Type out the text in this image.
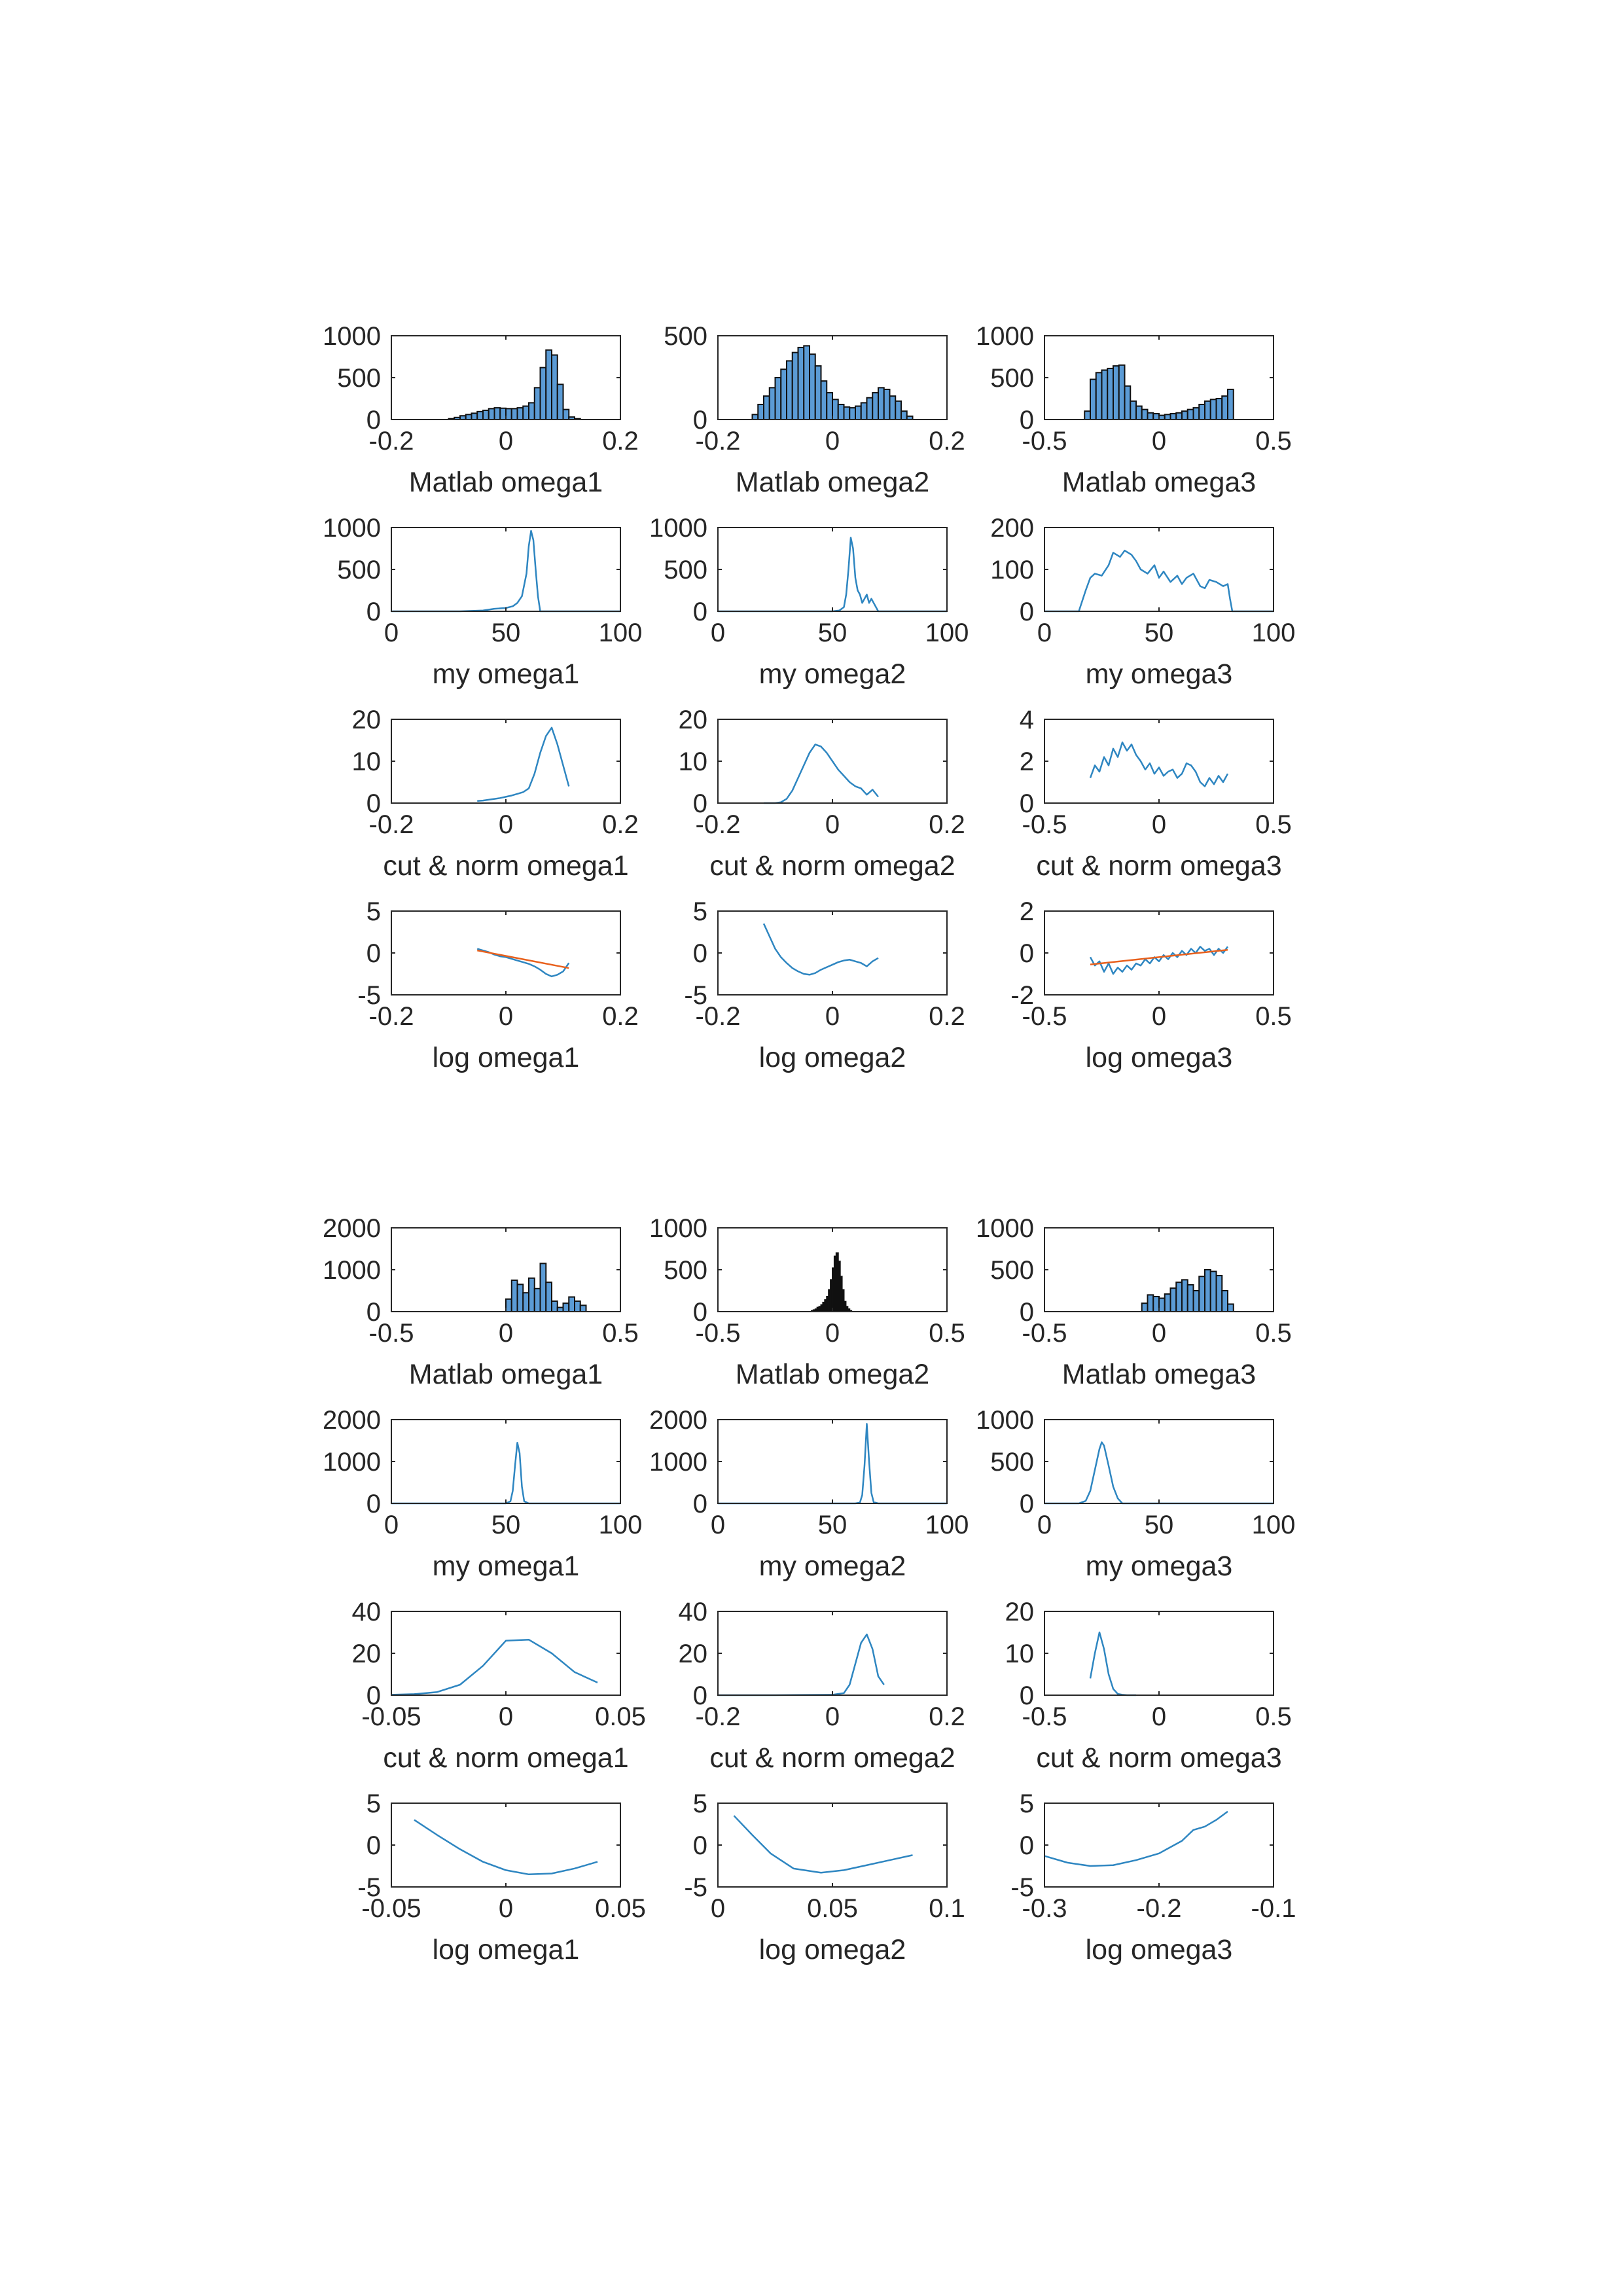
-0.2	0	0.2
0
500
1000
Matlab omega1
-0.2	0	0.2
0
500
Matlab omega2
-0.5	0	0.5
0
500
1000
Matlab omega3
0	50	100
0
500
1000
my omega1
0	50	100
0
500
1000
my omega2
0	50	100
0
100
200
my omega3
-0.2	0	0.2
0
10
20
cut & norm omega1
-0.2	0	0.2
0
10
20
cut & norm omega2
-0.5	0	0.5
0
2
4
cut & norm omega3
-0.2	0	0.2
-5
0
5
log omega1
-0.2	0	0.2
-5
0
5
log omega2
-0.5	0	0.5
-2
0
2
log omega3
-0.5	0	0.5
0
1000
2000
Matlab omega1
-0.5	0	0.5
0
500
1000
Matlab omega2
-0.5	0	0.5
0
500
1000
Matlab omega3
0	50	100
0
1000
2000
my omega1
0	50	100
0
1000
2000
my omega2
0	50	100
0
500
1000
my omega3
-0.05	0	0.05
0
20
40
cut & norm omega1
-0.2	0	0.2
0
20
40
cut & norm omega2
-0.5	0	0.5
0
10
20
cut & norm omega3
-0.05	0	0.05
-5
0
5
log omega1
0	0.05	0.1
-5
0
5
log omega2
-0.3	-0.2	-0.1
-5
0
5
log omega3
